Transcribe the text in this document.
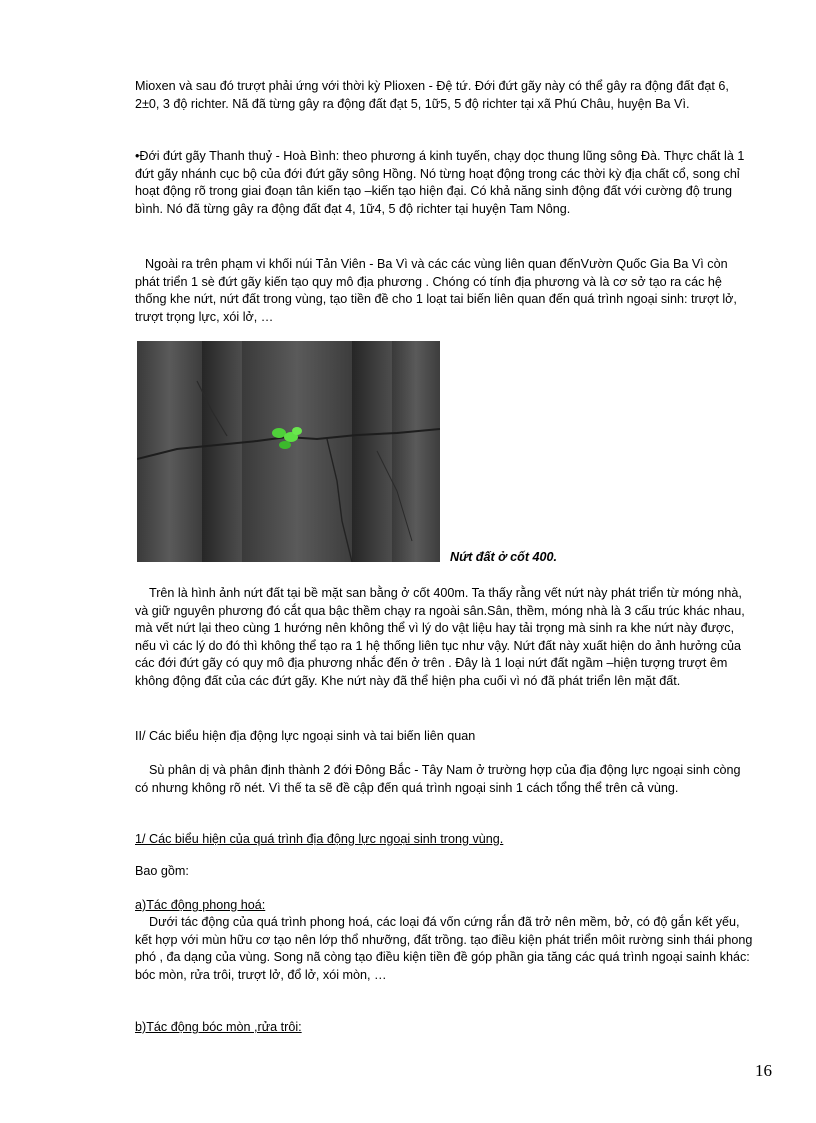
Mioxen và sau đó trượt phải ứng với thời kỳ Plioxen - Đệ tứ. Đới đứt gãy này có thể gây ra động đất đạt 6, 2±0, 3 độ richter. Nã đã từng gây ra động đất đạt 5, 1ữ5, 5 độ richter tại xã Phú Châu, huyện Ba Vì.
•Đới đứt gãy Thanh thuỷ - Hoà Bình: theo phương á kinh tuyến, chạy dọc thung lũng sông Đà. Thực chất là 1 đứt gãy nhánh cục bộ của đới đứt gãy sông Hồng. Nó từng hoạt động trong các thời kỳ địa chất cổ, song chỉ hoạt động rõ trong giai đoạn tân kiến tạo –kiến tạo hiện đại. Có khả năng sinh động đất với cường độ trung bình. Nó đã từng gây ra động đất đạt 4, 1ữ4, 5 độ richter tại huyện Tam Nông.
Ngoài ra trên phạm vi khối núi Tản Viên - Ba Vì và các các vùng liên quan đếnVườn Quốc Gia Ba Vì còn phát triển 1 sè đứt gãy kiến tạo quy mô địa phương . Chóng có tính địa phương và là cơ sở tạo ra các hệ thống khe nứt, nứt đất trong vùng, tạo tiền đề cho 1 loạt tai biến liên quan đến quá trình ngoại sinh: trượt lở, trượt trọng lực, xói lở, …
Nứt đất ở cốt 400.
Trên là hình ảnh nứt đất tại bề mặt san bằng ở cốt 400m. Ta thấy rằng vết nứt này phát triển từ móng nhà, và giữ nguyên phương đó cắt qua bậc thềm chạy ra ngoài sân.Sân, thềm, móng nhà là 3 cấu trúc khác nhau, mà vết nứt lại theo cùng 1 hướng nên không thể vì lý do vật liệu hay tải trọng mà sinh ra khe nứt này được, nếu vì các lý do đó thì không thể tạo ra 1 hệ thống liên tục như vậy. Nứt đất này xuất hiện do ảnh hưởng của các đới đứt gãy có quy mô địa phương nhắc đến ở trên . Đây là 1 loại nứt đất ngầm –hiện tượng trượt êm không động đất của các đứt gãy. Khe nứt này đã thể hiện pha cuối vì nó đã phát triển lên mặt đất.
II/ Các biểu hiện địa động lực ngoại sinh và tai biến liên quan
Sù phân dị và phân định thành 2 đới Đông Bắc - Tây Nam ở trường hợp của địa động lực ngoại sinh còng có nhưng không rõ nét. Vì thế ta sẽ đề cập đến quá trình ngoại sinh 1 cách tổng thể trên cả vùng.
1/ Các biểu hiện của quá trình địa động lực ngoại sinh trong vùng.
Bao gồm:
a)Tác động phong hoá:
Dưới tác động của quá trình phong hoá, các loại đá vốn cứng rắn đã trở nên mềm, bở, có độ gắn kết yếu, kết hợp với mùn hữu cơ tạo nên lớp thổ nhưỡng, đất trồng. tạo điều kiện phát triển môit rường sinh thái phong phó , đa dạng của vùng. Song nã còng tạo điều kiện tiền đề góp phần gia tăng các quá trình ngoại sainh khác: bóc mòn, rửa trôi, trượt lở, đổ lở, xói mòn, …
b)Tác động bóc mòn ,rửa trôi:
16
